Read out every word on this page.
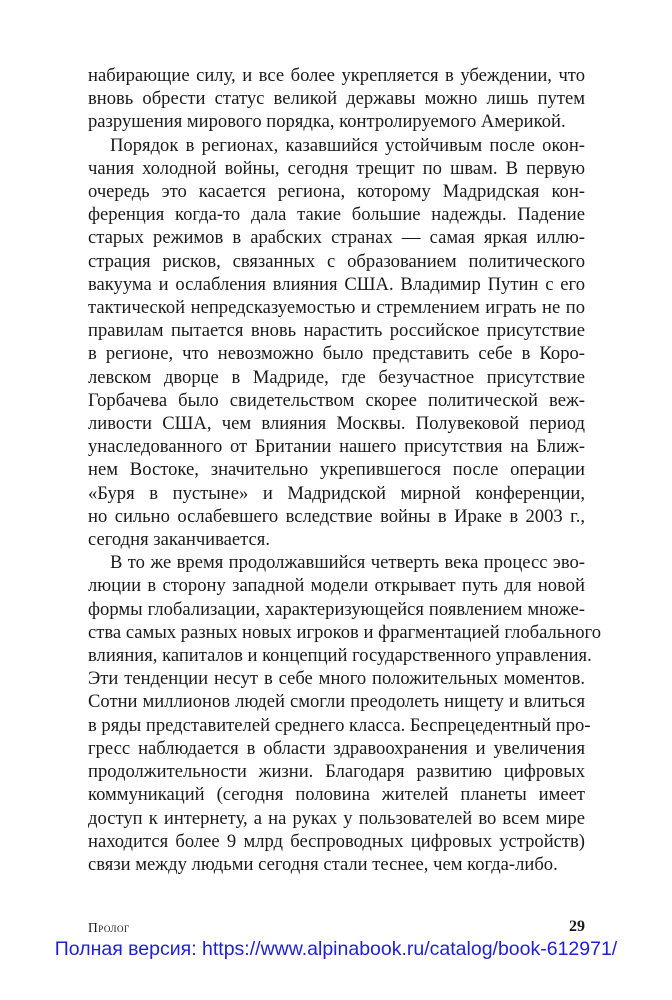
набирающие силу, и все более укрепляется в убеждении, что
вновь обрести статус великой державы можно лишь путем
разрушения мирового порядка, контролируемого Америкой.

Порядок в регионах, казавшийся устойчивым после окон-
чания холодной войны, сегодня трещит по швам. В первую
очередь это касается региона, которому Мадридская кон-
ференция когда-то дала такие большие надежды. Падение
старых режимов в арабских странах — самая яркая иллю-
страция рисков, связанных с образованием политического
вакуума и ослабления влияния США. Владимир Путин с его
тактической непредсказуемостью и стремлением играть не по
правилам пытается вновь нарастить российское присутствие
в регионе, что невозможно было представить себе в Коро-
левском дворце в Мадриде, где безучастное присутствие
Горбачева было свидетельством скорее политической веж-
ливости США, чем влияния Москвы. Полувековой период
унаследованного от Британии нашего присутствия на Ближ-
нем Востоке, значительно укрепившегося после операции
«Буря в пустыне» и Мадридской мирной конференции,
но сильно ослабевшего вследствие войны в Ираке в 2003 г.,
сегодня заканчивается.

В то же время продолжавшийся четверть века процесс эво-
люции в сторону западной модели открывает путь для новой
формы глобализации, характеризующейся появлением множе-
ства самых разных новых игроков и фрагментацией глобального
влияния, капиталов и концепций государственного управления.
Эти тенденции несут в себе много положительных моментов.
Сотни миллионов людей смогли преодолеть нищету и влиться
в ряды представителей среднего класса. Беспрецедентный про-
гресс наблюдается в области здравоохранения и увеличения
продолжительности жизни. Благодаря развитию цифровых
коммуникаций (сегодня половина жителей планеты имеет
доступ к интернету, а на руках у пользователей во всем мире
находится более 9 млрд беспроводных цифровых устройств)
связи между людьми сегодня стали теснее, чем когда-либо.

Пролог	29
Полная версия: https://www.alpinabook.ru/catalog/book-612971/
